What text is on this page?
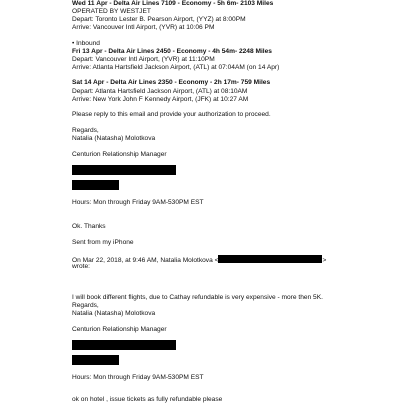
Wed 11 Apr - Delta Air Lines 7109 - Economy - 5h 6m- 2103 Miles
OPERATED BY WESTJET
Depart: Toronto Lester B. Pearson Airport, (YYZ) at 8:00PM
Arrive: Vancouver Intl Airport, (YVR) at 10:06 PM
• Inbound
Fri 13 Apr - Delta Air Lines 2450 - Economy - 4h 54m- 2248 Miles
Depart: Vancouver Intl Airport, (YVR) at 11:10PM
Arrive: Atlanta Hartsfield Jackson Airport, (ATL) at 07:04AM (on 14 Apr)
Sat 14 Apr - Delta Air Lines 2350 - Economy - 2h 17m- 759 Miles
Depart: Atlanta Hartsfield Jackson Airport, (ATL) at 08:10AM
Arrive: New York John F Kennedy Airport, (JFK) at 10:27 AM
Please reply to this email and provide your authorization to proceed.
Regards,
Natalia (Natasha) Molotkova
Centurion Relationship Manager
Hours: Mon through Friday 9AM-530PM EST
Ok. Thanks
Sent from my iPhone
On Mar 22, 2018, at 9:46 AM, Natalia Molotkova <	>
wrote:
I will book different flights, due to Cathay refundable is very expensive - more then 5K.
Regards,
Natalia (Natasha) Molotkova
Centurion Relationship Manager
Hours: Mon through Friday 9AM-530PM EST
ok on hotel , issue tickets as fully refundable please
